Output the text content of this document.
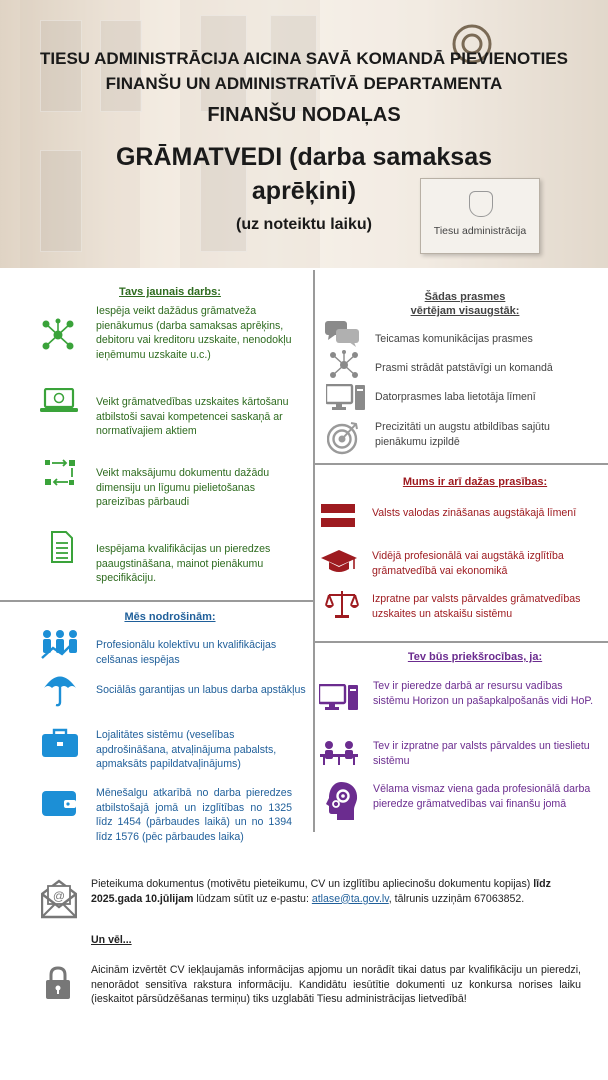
Tiesu administrācija
TIESU ADMINISTRĀCIJA AICINA SAVĀ KOMANDĀ PIEVIENOTIES
FINANŠU UN ADMINISTRATĪVĀ DEPARTAMENTA
FINANŠU NODAĻAS
GRĀMATVEDI (darba samaksas aprēķini)
(uz noteiktu laiku)
Tavs jaunais darbs:
Iespēja veikt dažādus grāmatveža pienākumus (darba samaksas aprēķins, debitoru vai kreditoru uzskaite, nenodokļu ieņēmumu uzskaite u.c.)
Veikt grāmatvedības uzskaites kārtošanu atbilstoši savai kompetencei saskaņā ar normatīvajiem aktiem
Veikt maksājumu dokumentu dažādu dimensiju un līgumu pielietošanas pareizības pārbaudi
Iespējama kvalifikācijas un pieredzes paaugstināšana, mainot pienākumu specifikāciju.
Mēs nodrošinām:
Profesionālu kolektīvu un kvalifikācijas celšanas iespējas
Sociālās garantijas un labus darba apstākļus
Lojalitātes sistēmu (veselības apdrošināšana, atvaļinājuma pabalsts, apmaksāts papildatvaļinājums)
Mēnešalgu atkarībā no darba pieredzes atbilstošajā jomā un izglītības no 1325 līdz 1454 (pārbaudes laikā) un no 1394 līdz 1576 (pēc pārbaudes laika)
Šādas prasmes
vērtējam visaugstāk:
Teicamas komunikācijas prasmes
Prasmi strādāt patstāvīgi un komandā
Datorprasmes laba lietotāja līmenī
Precizitāti un augstu atbildības sajūtu pienākumu izpildē
Mums ir arī dažas prasības:
Valsts valodas zināšanas augstākajā līmenī
Vidējā profesionālā vai augstākā izglītība grāmatvedībā vai ekonomikā
Izpratne par valsts pārvaldes grāmatvedības uzskaites un atskaišu sistēmu
Tev būs priekšrocības, ja:
Tev ir pieredze darbā ar resursu vadības sistēmu Horizon un pašapkalpošanās vidi HoP.
Tev ir izpratne par valsts pārvaldes un tieslietu sistēmu
Vēlama vismaz viena gada profesionālā darba pieredze grāmatvedības vai finanšu jomā
@
Pieteikuma dokumentus (motivētu pieteikumu, CV un izglītību apliecinošu dokumentu kopijas) līdz 2025.gada 10.jūlijam lūdzam sūtīt uz e-pastu: atlase@ta.gov.lv, tālrunis uzziņām 67063852.
Un vēl...
Aicinām izvērtēt CV iekļaujamās informācijas apjomu un norādīt tikai datus par kvalifikāciju un pieredzi, nenorādot sensitīva rakstura informāciju. Kandidātu iesūtītie dokumenti uz konkursa norises laiku (ieskaitot pārsūdzēšanas termiņu) tiks uzglabāti Tiesu administrācijas lietvedībā!
